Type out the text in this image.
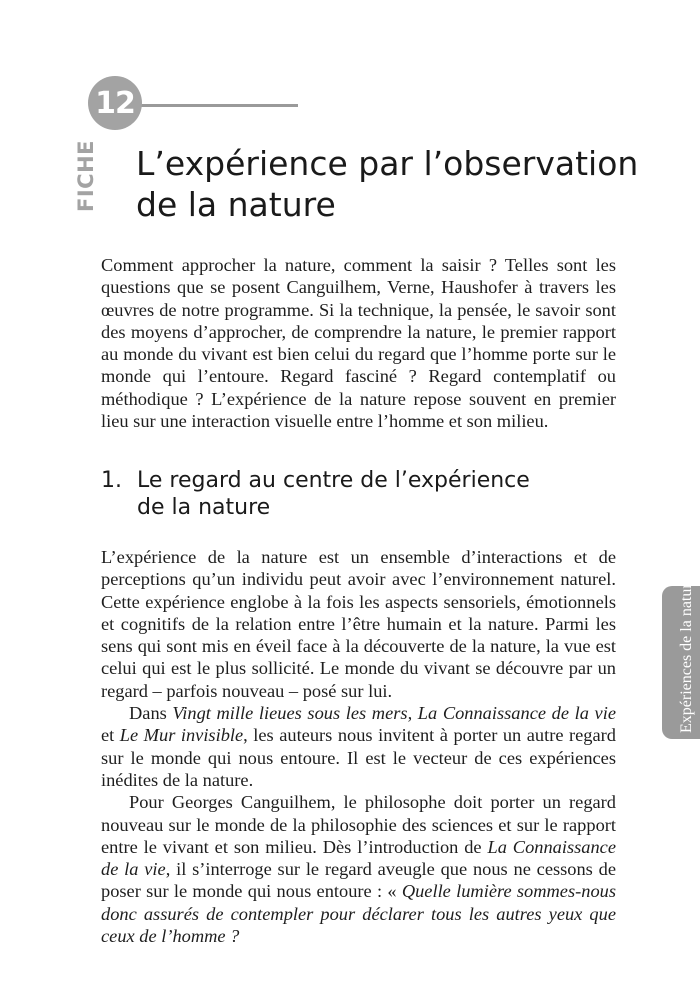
12
FICHE L’expérience par l’observation
de la nature

Comment approcher la nature, comment la saisir ? Telles sont les questions que se posent Canguilhem, Verne, Haushofer à travers les œuvres de notre programme. Si la technique, la pensée, le savoir sont des moyens d’approcher, de comprendre la nature, le premier rapport au monde du vivant est bien celui du regard que l’homme porte sur le monde qui l’entoure. Regard fasciné ? Regard contemplatif ou méthodique ? L’expérience de la nature repose souvent en premier lieu sur une interaction visuelle entre l’homme et son milieu.

1. Le regard au centre de l’expérience
de la nature

L’expérience de la nature est un ensemble d’interactions et de perceptions qu’un individu peut avoir avec l’environnement naturel. Cette expérience englobe à la fois les aspects sensoriels, émotionnels et cognitifs de la relation entre l’être humain et la nature. Parmi les sens qui sont mis en éveil face à la découverte de la nature, la vue est celui qui est le plus sollicité. Le monde du vivant se découvre par un regard – parfois nouveau – posé sur lui.

Dans Vingt mille lieues sous les mers, La Connaissance de la vie et Le Mur invisible, les auteurs nous invitent à porter un autre regard sur le monde qui nous entoure. Il est le vecteur de ces expériences inédites de la nature.

Pour Georges Canguilhem, le philosophe doit porter un regard nouveau sur le monde de la philosophie des sciences et sur le rapport entre le vivant et son milieu. Dès l’introduction de La Connaissance de la vie, il s’interroge sur le regard aveugle que nous ne cessons de poser sur le monde qui nous entoure : « Quelle lumière sommes-nous donc assurés de contempler pour déclarer tous les autres yeux que ceux de l’homme ?

Expériences de la nature
